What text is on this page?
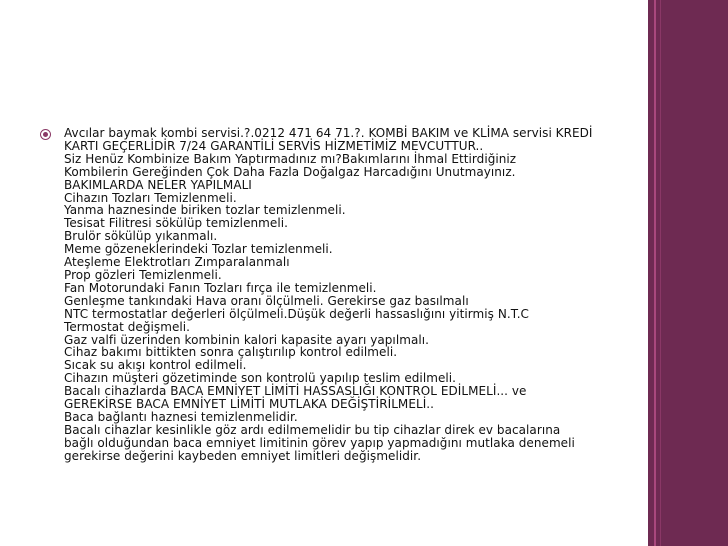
Avcılar baymak kombi servisi.?.0212 471 64 71.?. KOMBİ BAKIM ve KLİMA servisi KREDİ
KARTI GEÇERLİDİR 7/24 GARANTİLİ SERVİS HİZMETİMİZ MEVCUTTUR..
Siz Henüz Kombinize Bakım Yaptırmadınız mı?Bakımlarını İhmal Ettirdiğiniz
Kombilerin Gereğinden Çok Daha Fazla Doğalgaz Harcadığını Unutmayınız.
BAKIMLARDA NELER YAPILMALI
Cihazın Tozları Temizlenmeli.
Yanma haznesinde biriken tozlar temizlenmeli.
Tesisat Filitresi sökülüp temizlenmeli.
Brulör sökülüp yıkanmalı.
Meme gözeneklerindeki Tozlar temizlenmeli.
Ateşleme Elektrotları Zımparalanmalı
Prop gözleri Temizlenmeli.
Fan Motorundaki Fanın Tozları fırça ile temizlenmeli.
Genleşme tankındaki Hava oranı ölçülmeli. Gerekirse gaz basılmalı
NTC termostatlar değerleri ölçülmeli.Düşük değerli hassaslığını yitirmiş N.T.C
Termostat değişmeli.
Gaz valfi üzerinden kombinin kalori kapasite ayarı yapılmalı.
Cihaz bakımı bittikten sonra çalıştırılıp kontrol edilmeli.
Sıcak su akışı kontrol edilmeli.
Cihazın müşteri gözetiminde son kontrolü yapılıp teslim edilmeli.
Bacalı cihazlarda BACA EMNİYET LİMİTİ HASSASLIĞI KONTROL EDİLMELİ... ve
GEREKİRSE BACA EMNİYET LİMİTİ MUTLAKA DEĞİŞTİRİLMELİ..
Baca bağlantı haznesi temizlenmelidir.
Bacalı cihazlar kesinlikle göz ardı edilmemelidir bu tip cihazlar direk ev bacalarına
bağlı olduğundan baca emniyet limitinin görev yapıp yapmadığını mutlaka denemeli
gerekirse değerini kaybeden emniyet limitleri değişmelidir.
